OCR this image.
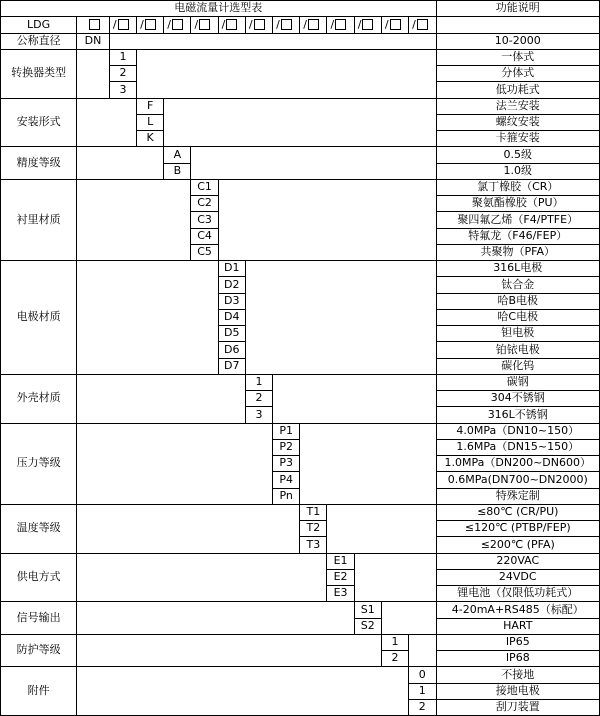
电磁流量计选型表														功能说明
LDG		/	/	/	/	/	/	/	/	/	/	/	/	

公称直径	DN													10-2000
转换器类型		1												一体式
		2												分体式
		3												低功耗式
安装形式			F											法兰安装
			L											螺纹安装
			K											卡箍安装
精度等级				A										0.5级
				B										1.0级
衬里材质					C1									氯丁橡胶（CR）
					C2									聚氨酯橡胶（PU）
					C3									聚四氟乙烯（F4/PTFE）
					C4									特氟龙（F46/FEP）
					C5									共聚物（PFA）
电极材质						D1								316L电极
						D2								钛合金
						D3								哈B电极
						D4								哈C电极
						D5								钽电极
						D6								铂铱电极
						D7								碳化钨
外壳材质							1							碳钢
							2							304不锈钢
							3							316L不锈钢
压力等级								P1						4.0MPa（DN10~150）
								P2						1.6MPa（DN15~150）
								P3						1.0MPa（DN200~DN600）
								P4						0.6MPa(DN700~DN2000)
								Pn						特殊定制
温度等级									T1					≤80℃ (CR/PU)
									T2					≤120℃ (PTBP/FEP)
									T3					≤200℃ (PFA)
供电方式										E1				220VAC
										E2				24VDC
										E3				锂电池（仅限低功耗式）
信号输出											S1			4-20mA+RS485（标配）
											S2			HART
防护等级												1		IP65
												2		IP68
附件													0	不接地
													1	接地电极
													2	刮刀装置
